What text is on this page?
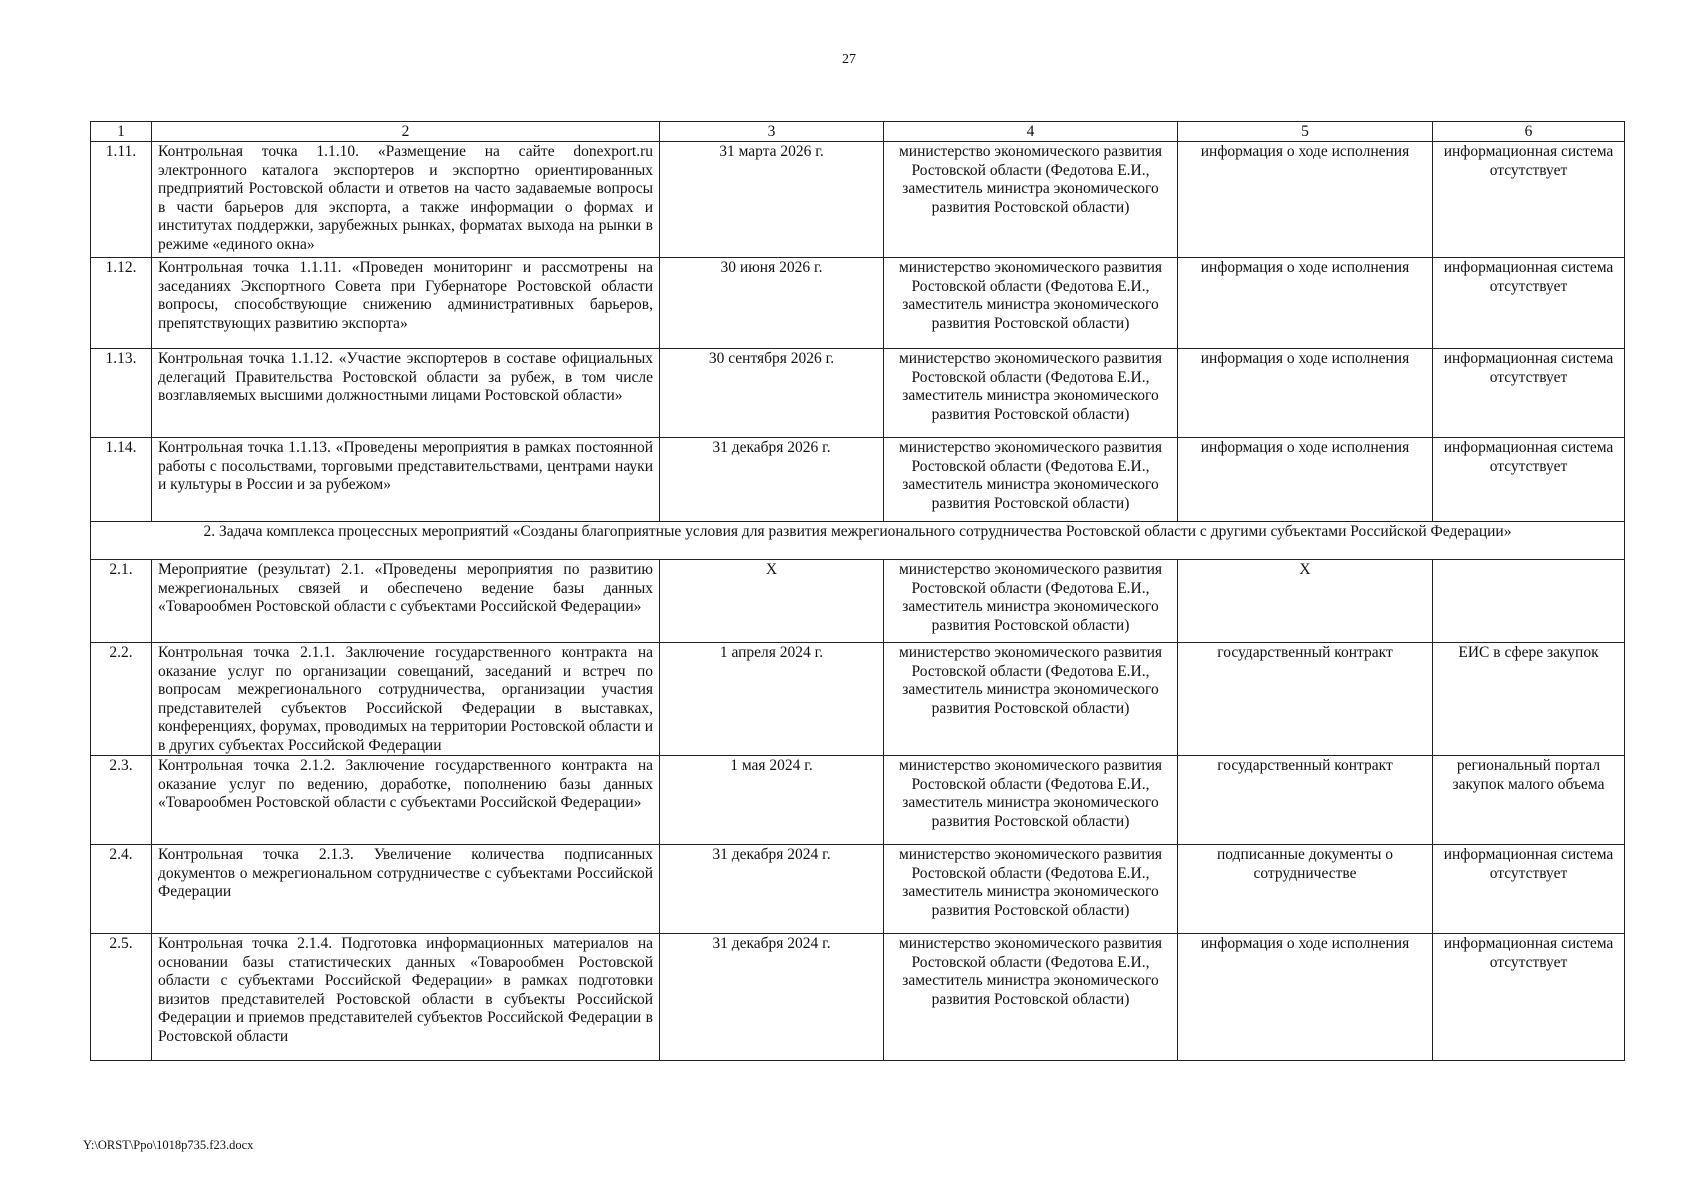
27
1	2	3	4	5	6
1.11.	Контрольная точка 1.1.10. «Размещение на сайте donexport.ru электронного каталога экспортеров и экспортно ориентированных предприятий Ростовской области и ответов на часто задаваемые вопросы в части барьеров для экспорта, а также информации о формах и институтах поддержки, зарубежных рынках, форматах выхода на рынки в режиме «единого окна»	31 марта 2026 г.	министерство экономического развития Ростовской области (Федотова Е.И., заместитель министра экономического развития Ростовской области)	информация о ходе исполнения	информационная система отсутствует
1.12.	Контрольная точка 1.1.11. «Проведен мониторинг и рассмотрены на заседаниях Экспортного Совета при Губернаторе Ростовской области вопросы, способствующие снижению административных барьеров, препятствующих развитию экспорта»	30 июня 2026 г.	министерство экономического развития Ростовской области (Федотова Е.И., заместитель министра экономического развития Ростовской области)	информация о ходе исполнения	информационная система отсутствует
1.13.	Контрольная точка 1.1.12. «Участие экспортеров в составе официальных делегаций Правительства Ростовской области за рубеж, в том числе возглавляемых высшими должностными лицами Ростовской области»	30 сентября 2026 г.	министерство экономического развития Ростовской области (Федотова Е.И., заместитель министра экономического развития Ростовской области)	информация о ходе исполнения	информационная система отсутствует
1.14.	Контрольная точка 1.1.13. «Проведены мероприятия в рамках постоянной работы с посольствами, торговыми представительствами, центрами науки и культуры в России и за рубежом»	31 декабря 2026 г.	министерство экономического развития Ростовской области (Федотова Е.И., заместитель министра экономического развития Ростовской области)	информация о ходе исполнения	информационная система отсутствует
2. Задача комплекса процессных мероприятий «Созданы благоприятные условия для развития межрегионального сотрудничества Ростовской области с другими субъектами Российской Федерации»					
2.1.	Мероприятие (результат) 2.1. «Проведены мероприятия по развитию межрегиональных связей и обеспечено ведение базы данных «Товарообмен Ростовской области с субъектами Российской Федерации»	Х	министерство экономического развития Ростовской области (Федотова Е.И., заместитель министра экономического развития Ростовской области)	Х	
2.2.	Контрольная точка 2.1.1. Заключение государственного контракта на оказание услуг по организации совещаний, заседаний и встреч по вопросам межрегионального сотрудничества, организации участия представителей субъектов Российской Федерации в выставках, конференциях, форумах, проводимых на территории Ростовской области и в других субъектах Российской Федерации	1 апреля 2024 г.	министерство экономического развития Ростовской области (Федотова Е.И., заместитель министра экономического развития Ростовской области)	государственный контракт	ЕИС в сфере закупок
2.3.	Контрольная точка 2.1.2. Заключение государственного контракта на оказание услуг по ведению, доработке, пополнению базы данных «Товарообмен Ростовской области с субъектами Российской Федерации»	1 мая 2024 г.	министерство экономического развития Ростовской области (Федотова Е.И., заместитель министра экономического развития Ростовской области)	государственный контракт	региональный портал закупок малого объема
2.4.	Контрольная точка 2.1.3. Увеличение количества подписанных документов о межрегиональном сотрудничестве с субъектами Российской Федерации	31 декабря 2024 г.	министерство экономического развития Ростовской области (Федотова Е.И., заместитель министра экономического развития Ростовской области)	подписанные документы о сотрудничестве	информационная система отсутствует
2.5.	Контрольная точка 2.1.4. Подготовка информационных материалов на основании базы статистических данных «Товарообмен Ростовской области с субъектами Российской Федерации» в рамках подготовки визитов представителей Ростовской области в субъекты Российской Федерации и приемов представителей субъектов Российской Федерации в Ростовской области	31 декабря 2024 г.	министерство экономического развития Ростовской области (Федотова Е.И., заместитель министра экономического развития Ростовской области)	информация о ходе исполнения	информационная система отсутствует
Y:\ORST\Ppo\1018p735.f23.docx
